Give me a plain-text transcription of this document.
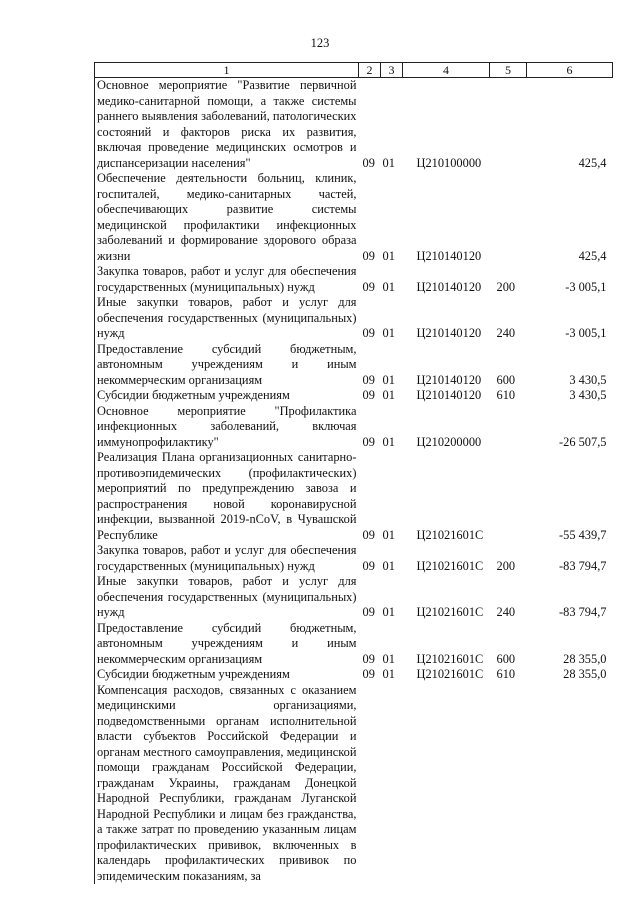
123
1	2	3	4	5	6
Основное мероприятие "Развитие первичной медико-санитарной помощи, а также системы раннего выявления заболеваний, патологических состояний и факторов риска их развития, включая проведение медицинских осмотров и диспансеризации населения"	09	01	Ц210100000		425,4
Обеспечение деятельности больниц, клиник, госпиталей, медико-санитарных частей, обеспечивающих развитие системы медицинской профилактики инфекционных заболеваний и формирование здорового образа жизни	09	01	Ц210140120		425,4
Закупка товаров, работ и услуг для обеспечения государственных (муниципальных) нужд	09	01	Ц210140120	200	-3 005,1
Иные закупки товаров, работ и услуг для обеспечения государственных (муниципальных) нужд	09	01	Ц210140120	240	-3 005,1
Предоставление субсидий бюджетным, автономным учреждениям и иным некоммерческим организациям	09	01	Ц210140120	600	3 430,5
Субсидии бюджетным учреждениям	09	01	Ц210140120	610	3 430,5
Основное мероприятие "Профилактика инфекционных заболеваний, включая иммунопрофилактику"	09	01	Ц210200000		-26 507,5
Реализация Плана организационных санитарно-противоэпидемических (профилактических) мероприятий по предупреждению завоза и распространения новой коронавирусной инфекции, вызванной 2019-nCoV, в Чувашской Республике	09	01	Ц21021601С		-55 439,7
Закупка товаров, работ и услуг для обеспечения государственных (муниципальных) нужд	09	01	Ц21021601С	200	-83 794,7
Иные закупки товаров, работ и услуг для обеспечения государственных (муниципальных) нужд	09	01	Ц21021601С	240	-83 794,7
Предоставление субсидий бюджетным, автономным учреждениям и иным некоммерческим организациям	09	01	Ц21021601С	600	28 355,0
Субсидии бюджетным учреждениям	09	01	Ц21021601С	610	28 355,0
Компенсация расходов, связанных с оказанием медицинскими организациями, подведомственными органам исполнительной власти субъектов Российской Федерации и органам местного самоуправления, медицинской помощи гражданам Российской Федерации, гражданам Украины, гражданам Донецкой Народной Республики, гражданам Луганской Народной Республики и лицам без гражданства, а также затрат по проведению указанным лицам профилактических прививок, включенных в календарь профилактических прививок по эпидемическим показаниям, за					
